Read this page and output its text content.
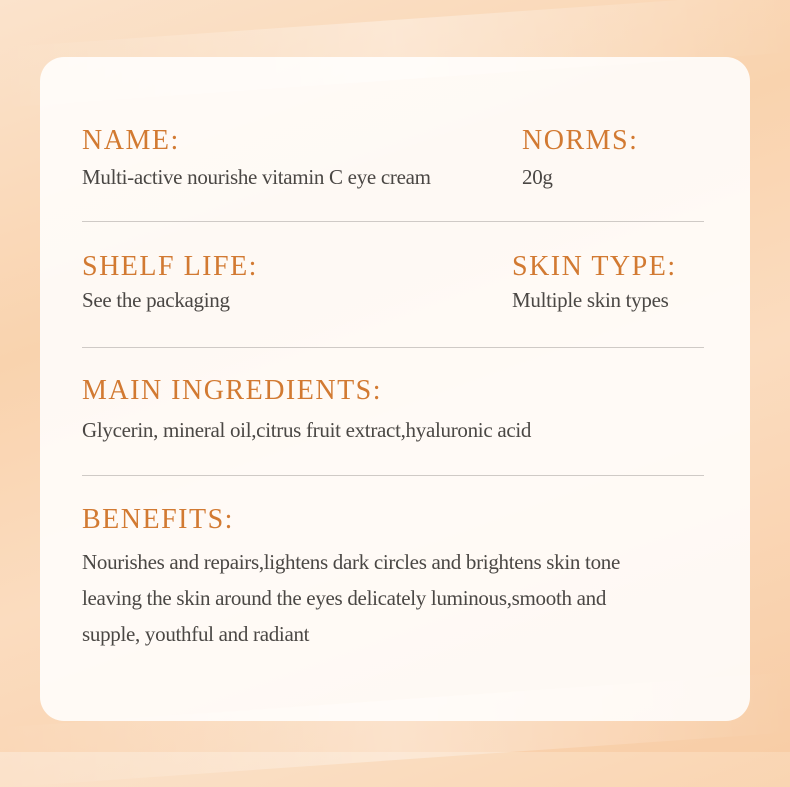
NAME:
Multi-active nourishe vitamin C eye cream
NORMS:
20g
SHELF LIFE:
See the packaging
SKIN TYPE:
Multiple skin types
MAIN INGREDIENTS:
Glycerin, mineral oil,citrus fruit extract,hyaluronic acid
BENEFITS:
Nourishes and repairs,lightens dark circles and brightens skin tone
leaving the skin around the eyes delicately luminous,smooth and
supple, youthful and radiant
